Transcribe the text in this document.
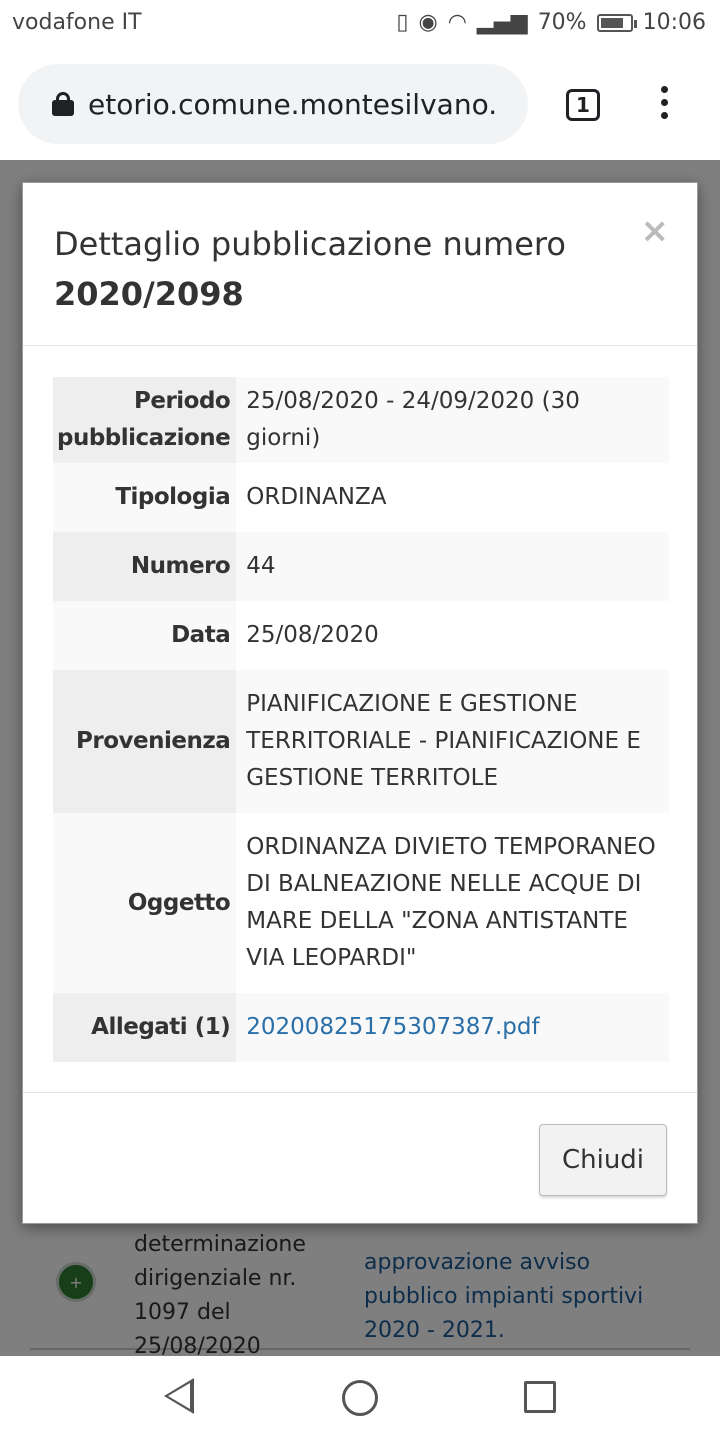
vodafone IT	▯ ◉ ◠ ▂▄▆ 70%	10:06
etorio.comune.montesilvano.	1
Dettaglio pubblicazione numero
2020/2098
×
Periodo pubblicazione	25/08/2020 - 24/09/2020 (30 giorni)
Tipologia	ORDINANZA
Numero	44
Data	25/08/2020
Provenienza	PIANIFICAZIONE E GESTIONE TERRITORIALE - PIANIFICAZIONE E GESTIONE TERRITOLE
Oggetto	ORDINANZA DIVIETO TEMPORANEO DI BALNEAZIONE NELLE ACQUE DI MARE DELLA "ZONA ANTISTANTE VIA LEOPARDI"
Allegati (1)	20200825175307387.pdf
Chiudi
